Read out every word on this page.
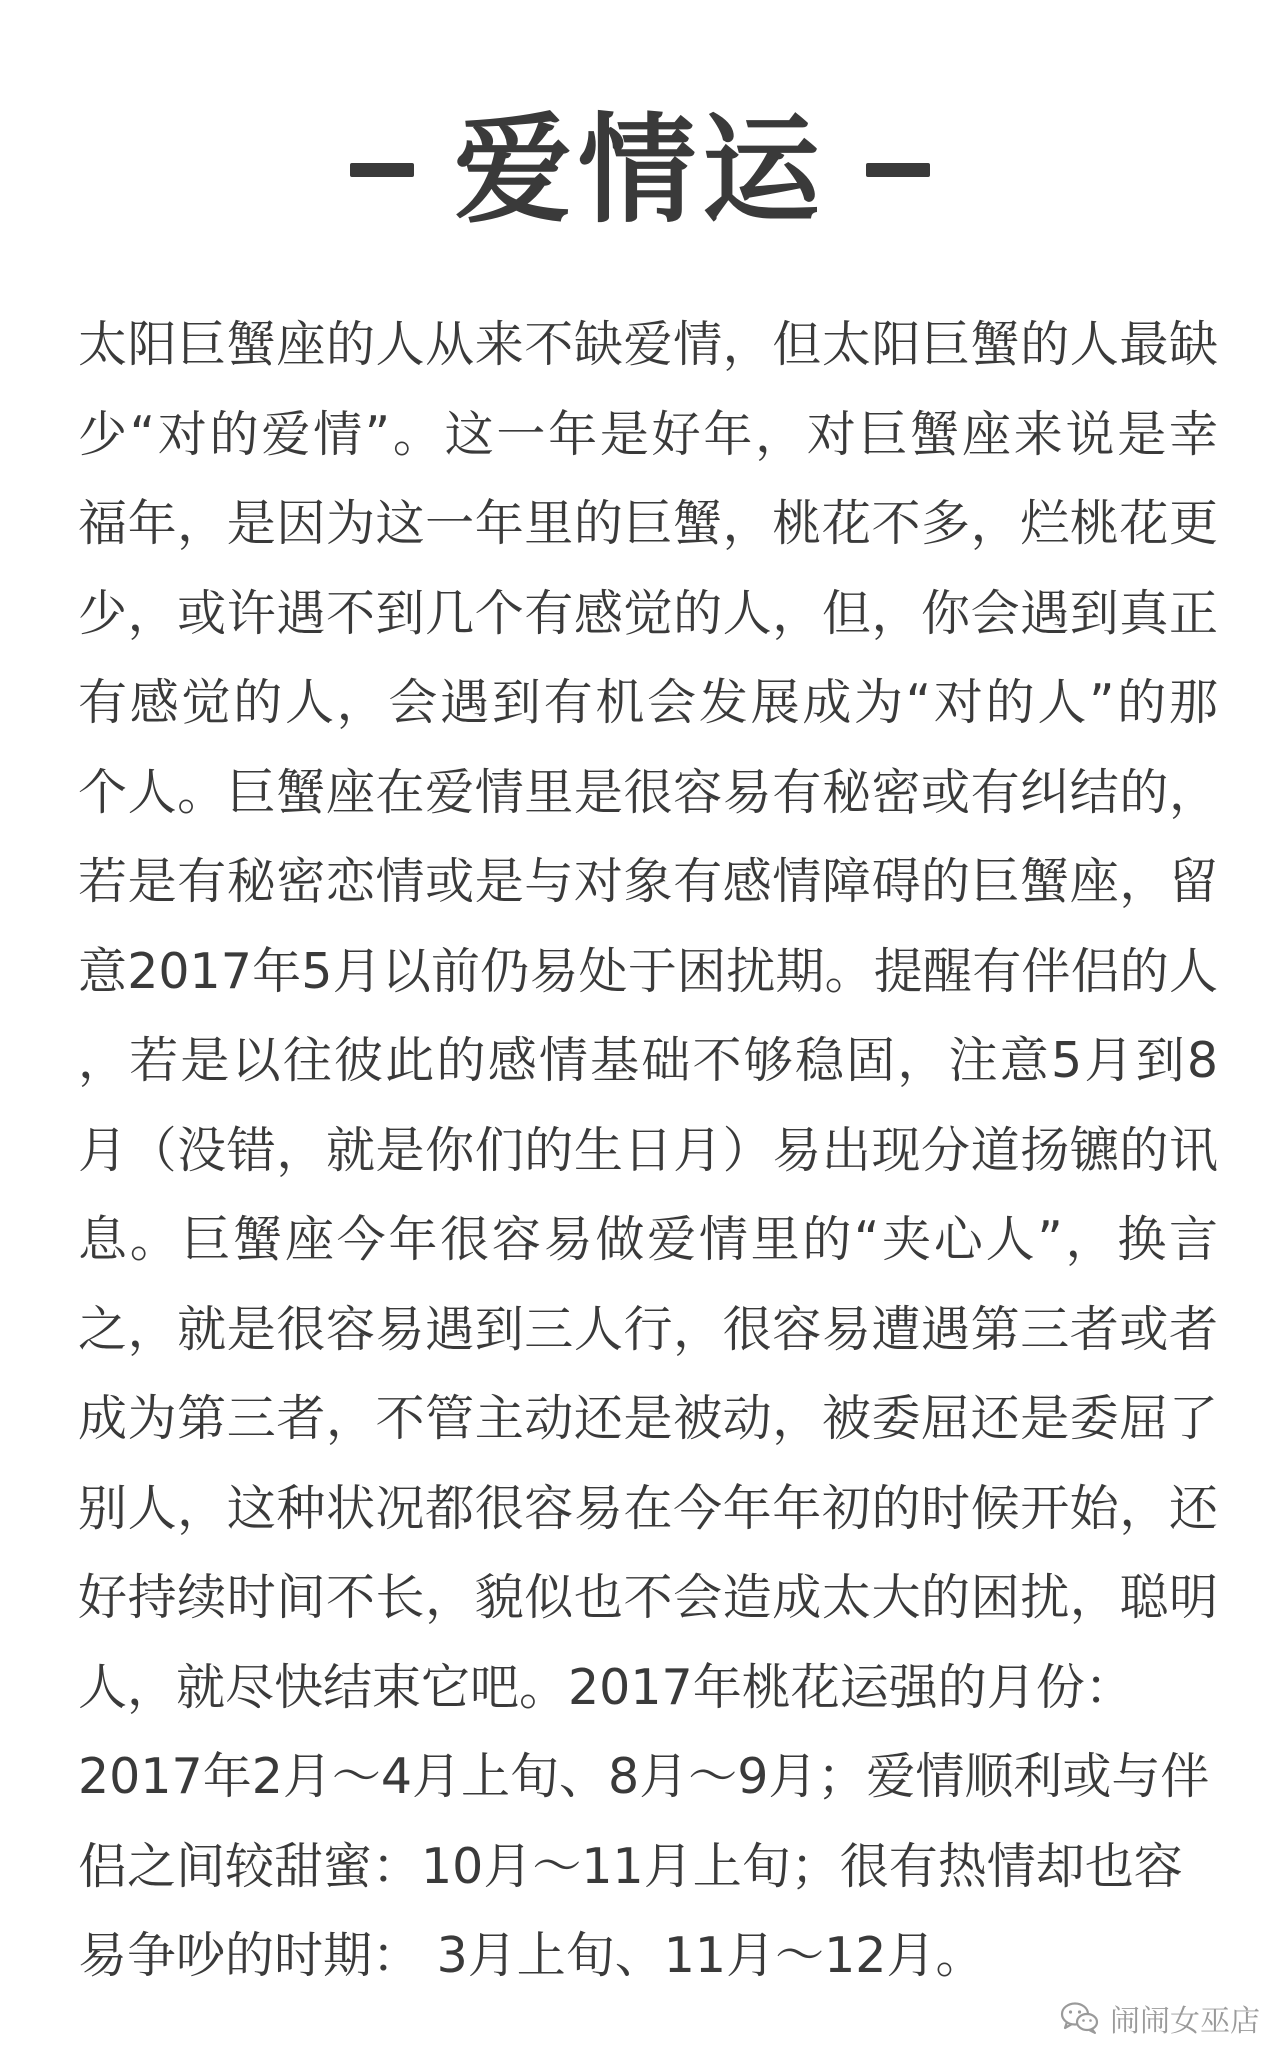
爱情运
太阳巨蟹座的人从来不缺爱情，但太阳巨蟹的人最缺
少“对的爱情”。这一年是好年，对巨蟹座来说是幸
福年，是因为这一年里的巨蟹，桃花不多，烂桃花更
少，或许遇不到几个有感觉的人，但，你会遇到真正
有感觉的人，会遇到有机会发展成为“对的人”的那
个人。巨蟹座在爱情里是很容易有秘密或有纠结的，
若是有秘密恋情或是与对象有感情障碍的巨蟹座，留
意2017年5月以前仍易处于困扰期。提醒有伴侣的人
，若是以往彼此的感情基础不够稳固，注意5月到8
月（没错，就是你们的生日月）易出现分道扬镳的讯
息。巨蟹座今年很容易做爱情里的“夹心人”，换言
之，就是很容易遇到三人行，很容易遭遇第三者或者
成为第三者，不管主动还是被动，被委屈还是委屈了
别人，这种状况都很容易在今年年初的时候开始，还
好持续时间不长，貌似也不会造成太大的困扰，聪明
人，就尽快结束它吧。2017年桃花运强的月份：
2017年2月～4月上旬、8月～9月；爱情顺利或与伴
侣之间较甜蜜：10月～11月上旬；很有热情却也容
易争吵的时期： 3月上旬、11月～12月。
闹闹女巫店
